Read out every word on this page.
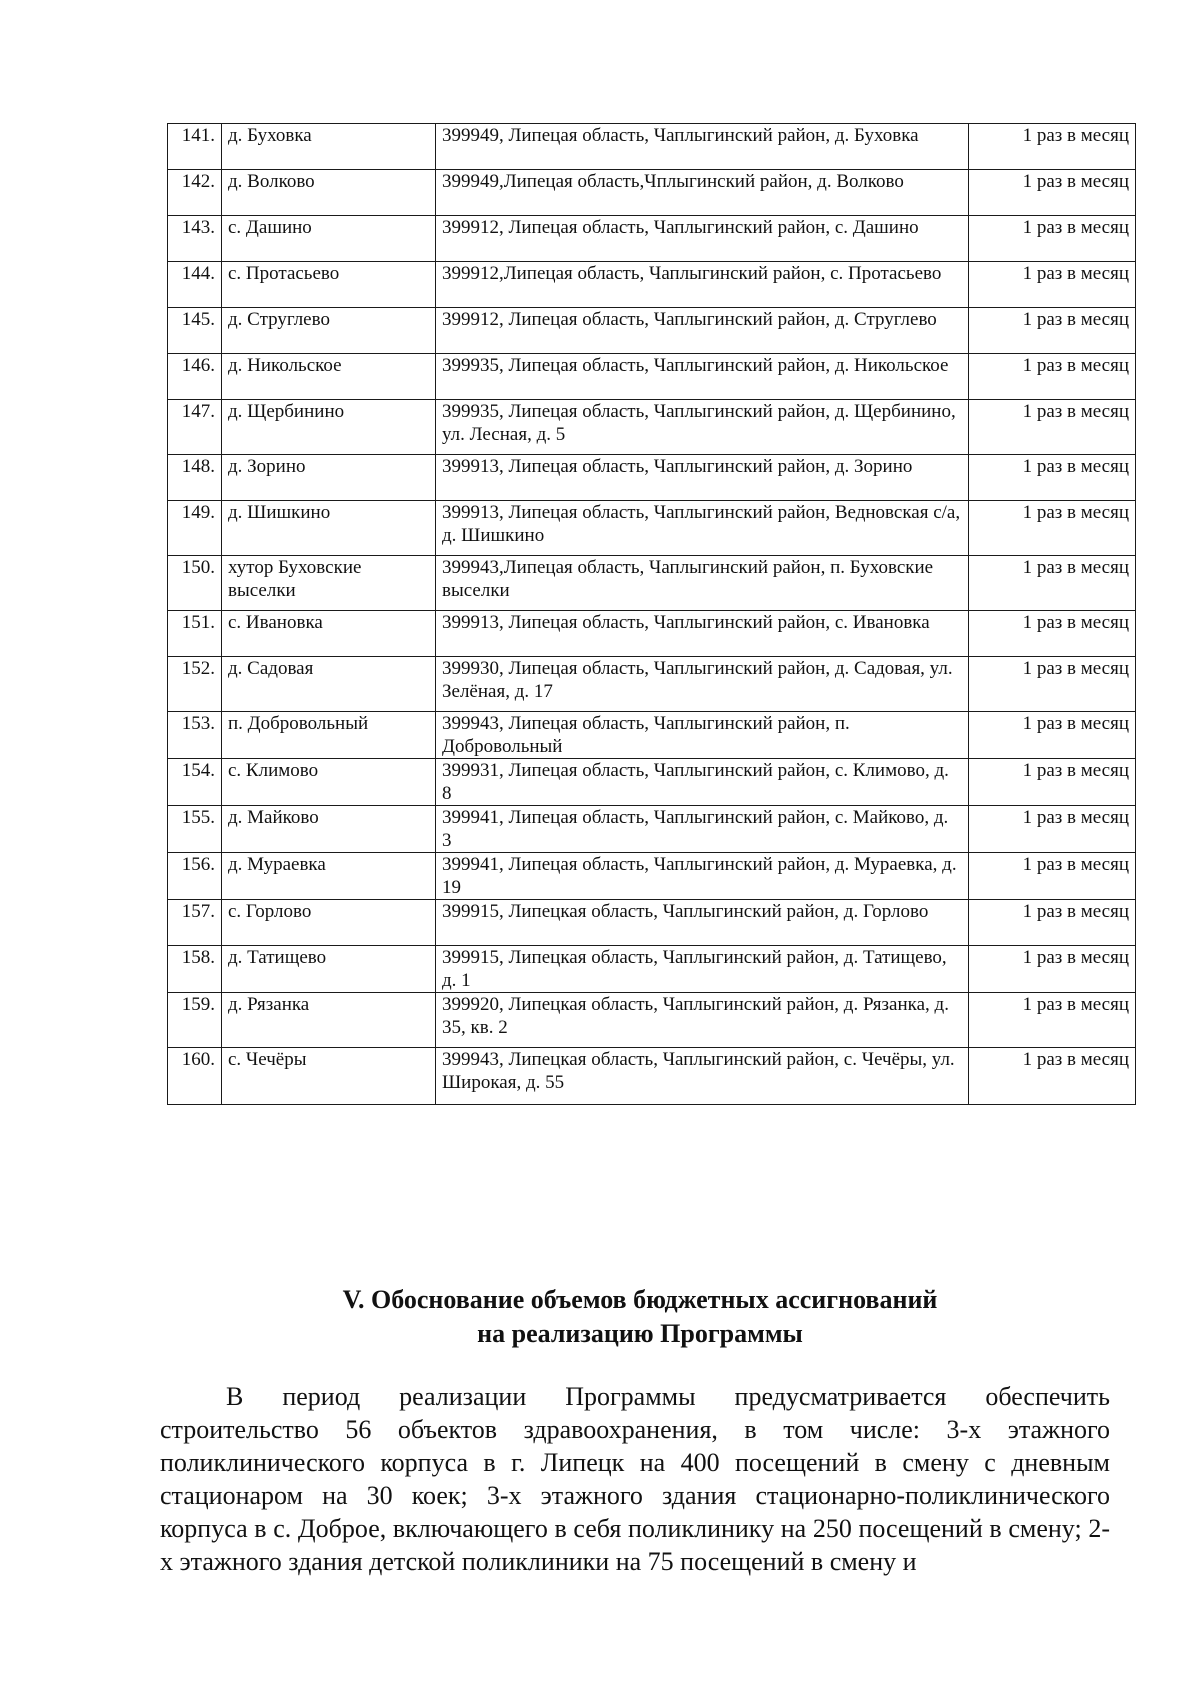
141.	д. Буховка	399949, Липецая область, Чаплыгинский район, д. Буховка	1 раз в месяц
142.	д. Волково	399949,Липецая область,Чплыгинский район, д. Волково	1 раз в месяц
143.	с. Дашино	399912, Липецая область, Чаплыгинский район, с. Дашино	1 раз в месяц
144.	с. Протасьево	399912,Липецая область, Чаплыгинский район, с. Протасьево	1 раз в месяц
145.	д. Струглево	399912, Липецая область, Чаплыгинский район, д. Струглево	1 раз в месяц
146.	д. Никольское	399935, Липецая область, Чаплыгинский район, д. Никольское	1 раз в месяц
147.	д. Щербинино	399935, Липецая область, Чаплыгинский район, д. Щербинино, ул. Лесная, д. 5	1 раз в месяц
148.	д. Зорино	399913, Липецая область, Чаплыгинский район, д. Зорино	1 раз в месяц
149.	д. Шишкино	399913, Липецая область, Чаплыгинский район, Ведновская с/а, д. Шишкино	1 раз в месяц
150.	хутор Буховские выселки	399943,Липецая область, Чаплыгинский район, п. Буховские выселки	1 раз в месяц
151.	с. Ивановка	399913, Липецая область, Чаплыгинский район, с. Ивановка	1 раз в месяц
152.	д. Садовая	399930, Липецая область, Чаплыгинский район, д. Садовая, ул. Зелёная, д. 17	1 раз в месяц
153.	п. Добровольный	399943, Липецая область, Чаплыгинский район, п. Добровольный	1 раз в месяц
154.	с. Климово	399931, Липецая область, Чаплыгинский район, с. Климово, д. 8	1 раз в месяц
155.	д. Майково	399941, Липецая область, Чаплыгинский район, с. Майково, д. 3	1 раз в месяц
156.	д. Мураевка	399941, Липецая область, Чаплыгинский район, д. Мураевка, д. 19	1 раз в месяц
157.	с. Горлово	399915, Липецкая область, Чаплыгинский район, д. Горлово	1 раз в месяц
158.	д. Татищево	399915, Липецкая область, Чаплыгинский район, д. Татищево, д. 1	1 раз в месяц
159.	д. Рязанка	399920, Липецкая область, Чаплыгинский район, д. Рязанка, д. 35, кв. 2	1 раз в месяц
160.	с. Чечёры	399943, Липецкая область, Чаплыгинский район, с. Чечёры, ул. Широкая, д. 55	1 раз в месяц
V. Обоснование объемов бюджетных ассигнований
на реализацию Программы
В период реализации Программы предусматривается обеспечить строительство 56 объектов здравоохранения, в том числе: 3-х этажного поликлинического корпуса в г. Липецк на 400 посещений в смену с дневным стационаром на 30 коек; 3-х этажного здания стационарно-поликлинического корпуса в с. Доброе, включающего в себя поликлинику на 250 посещений в смену; 2-х этажного здания детской поликлиники на 75 посещений в смену и
